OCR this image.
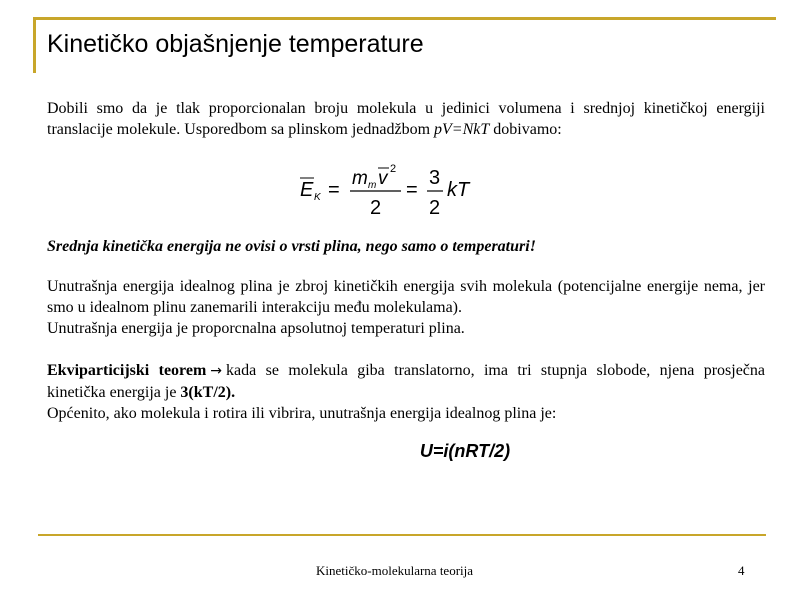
Kinetičko objašnjenje temperature
Dobili smo da je tlak proporcionalan broju molekula u jedinici volumena i srednjoj kinetičkoj energiji translacije molekule. Usporedbom sa plinskom jednadžbom pV=NkT dobivamo:
E K =
m m v 2
2
=
3
2
kT
Srednja kinetička energija ne ovisi o vrsti plina, nego samo o temperaturi!
Unutrašnja energija idealnog plina je zbroj kinetičkih energija svih molekula (potencijalne energije nema, jer smo u idealnom plinu zanemarili interakciju među molekulama).
Unutrašnja energija je proporcnalna apsolutnoj temperaturi plina.
Ekviparticijski teorem → kada se molekula giba translatorno, ima tri stupnja slobode, njena prosječna kinetička energija je 3(kT/2).
Općenito, ako molekula i rotira ili vibrira, unutrašnja energija idealnog plina je:
U=i(nRT/2)
Kinetičko-molekularna teorija	4
